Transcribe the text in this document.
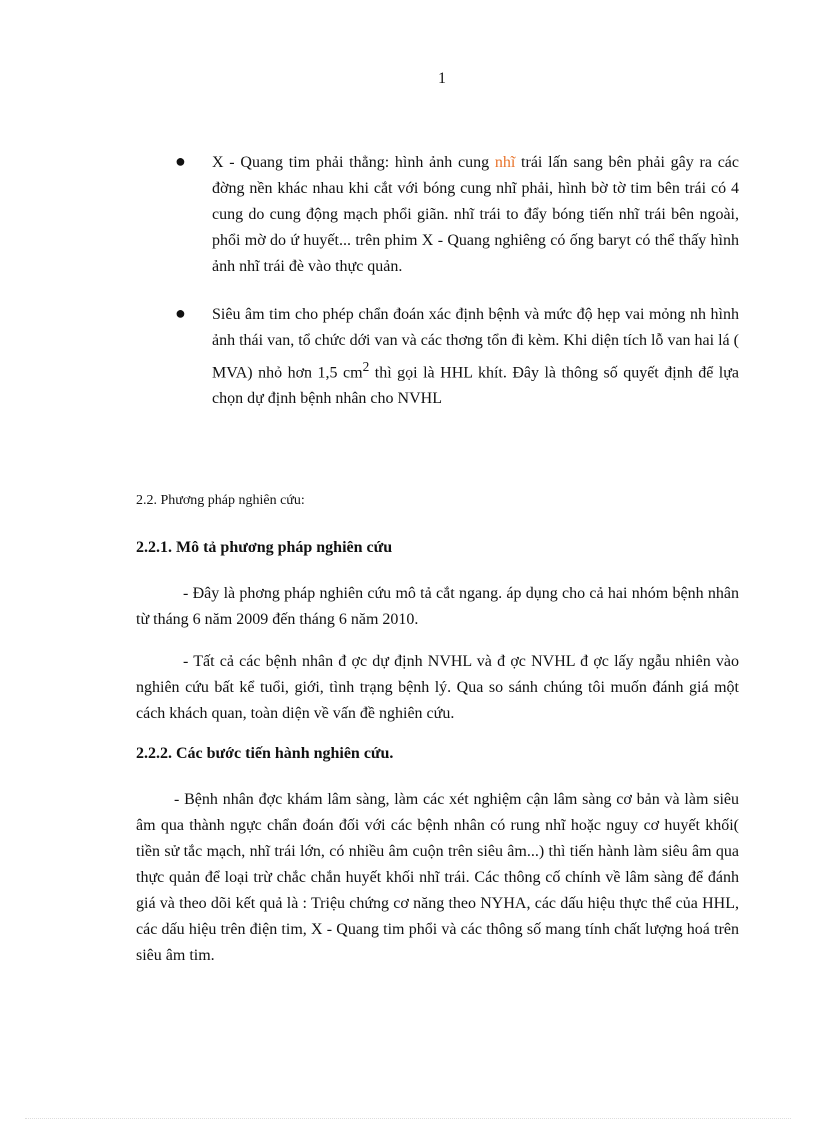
1
● X - Quang tim phải thẳng: hình ảnh cung nhĩ trái lấn sang bên phải gây ra các đờng nền khác nhau khi cắt với bóng cung nhĩ phải, hình bờ tờ tim bên trái có 4 cung do cung động mạch phổi giãn. nhĩ trái to đẩy bóng tiến nhĩ trái bên ngoài, phổi mờ do ứ huyết... trên phim X - Quang nghiêng có ống baryt có thể thấy hình ảnh nhĩ trái đè vào thực quản.
● Siêu âm tim cho phép chẩn đoán xác định bệnh và mức độ hẹp vai mỏng nh hình ảnh thái van, tổ chức dới van và các thơng tổn đi kèm. Khi diện tích lỗ van hai lá ( MVA) nhỏ hơn 1,5 $cm^2$ thì gọi là HHL khít. Đây là thông số quyết định để lựa chọn dự định bệnh nhân cho NVHL
2.2. Phương pháp nghiên cứu:
2.2.1. Mô tả phương pháp nghiên cứu

- Đây là phơng pháp nghiên cứu mô tả cắt ngang. áp dụng cho cả hai nhóm bệnh nhân từ tháng 6 năm 2009 đến tháng 6 năm 2010.

- Tất cả các bệnh nhân đ ợc dự định NVHL và đ ợc NVHL đ ợc lấy ngẫu nhiên vào nghiên cứu bất kể tuổi, giới, tình trạng bệnh lý. Qua so sánh chúng tôi muốn đánh giá một cách khách quan, toàn diện về vấn đề nghiên cứu.

2.2.2. Các bước tiến hành nghiên cứu.

- Bệnh nhân đợc khám lâm sàng, làm các xét nghiệm cận lâm sàng cơ bản và làm siêu âm qua thành ngực chẩn đoán đối với các bệnh nhân có rung nhĩ hoặc nguy cơ huyết khối( tiền sử tắc mạch, nhĩ trái lớn, có nhiều âm cuộn trên siêu âm...) thì tiến hành làm siêu âm qua thực quản để loại trừ chắc chắn huyết khối nhĩ trái. Các thông cố chính về lâm sàng để đánh giá và theo dõi kết quả là : Triệu chứng cơ năng theo NYHA, các dấu hiệu thực thể của HHL, các dấu hiệu trên điện tim, X - Quang tim phổi và các thông số mang tính chất lượng hoá trên siêu âm tim.
